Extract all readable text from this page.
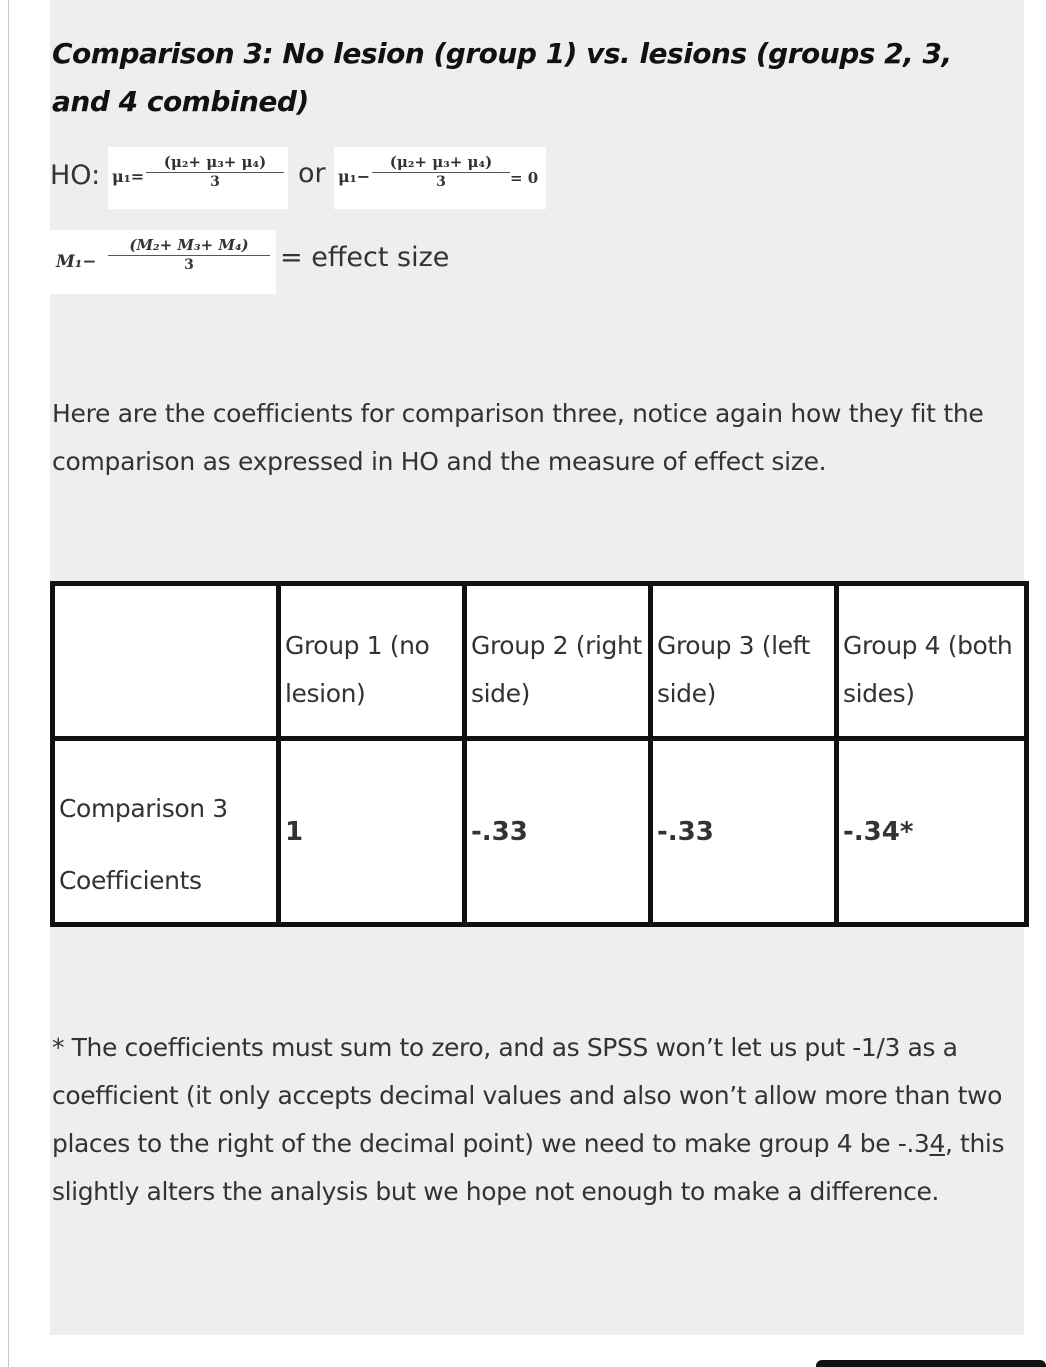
Comparison 3: No lesion (group 1) vs. lesions (groups 2, 3, and 4 combined)
HO: μ₁=
(μ₂+ μ₃+ μ₄)
3	or μ₁−
(μ₂+ μ₃+ μ₄)
3	= 0
M₁−
(M₂+ M₃+ M₄)
3	= effect size
Here are the coefficients for comparison three, notice again how they fit the comparison as expressed in HO and the measure of effect size.

	Group 1 (no lesion)	Group 2 (right side)	Group 3 (left side)	Group 4 (both sides)

Comparison 3
Coefficients	1	-.33	-.33	-.34*
* The coefficients must sum to zero, and as SPSS won’t let us put -1/3 as a coefficient (it only accepts decimal values and also won’t allow more than two places to the right of the decimal point) we need to make group 4 be -.34, this slightly alters the analysis but we hope not enough to make a difference.
